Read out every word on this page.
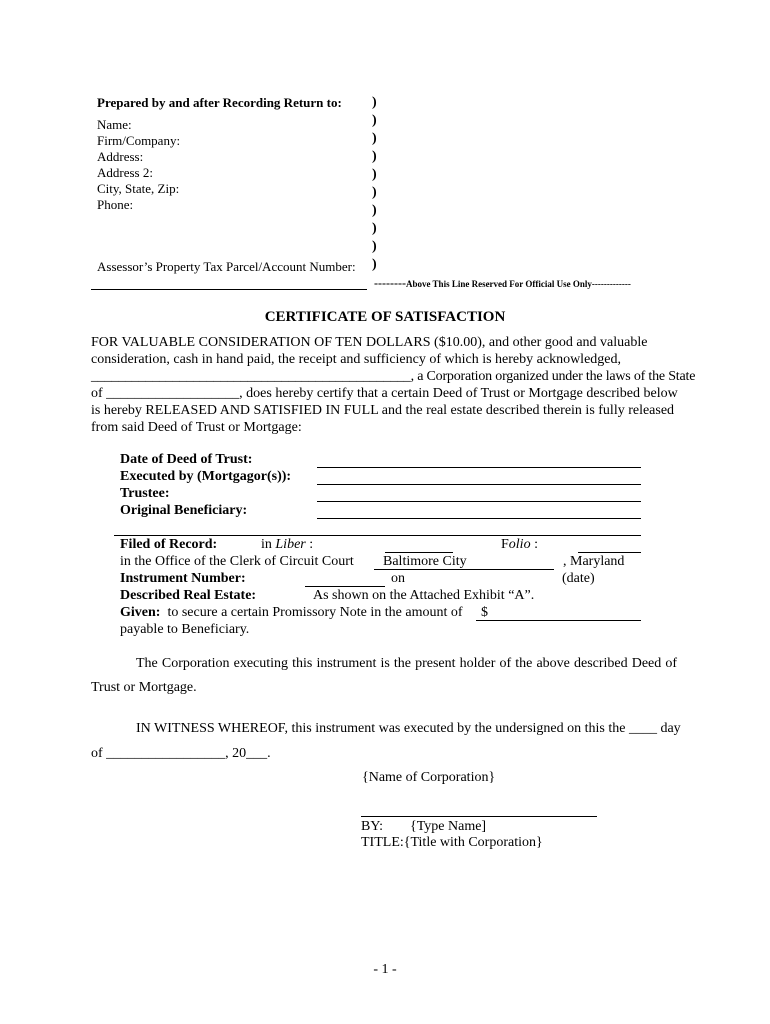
Prepared by and after Recording Return to:
Name:
Firm/Company:
Address:
Address 2:
City, State, Zip:
Phone:
Assessor’s Property Tax Parcel/Account Number:
)
)
)
)
)
)
)
)
)
)
--------Above This Line Reserved For Official Use Only-------------
CERTIFICATE OF SATISFACTION
FOR VALUABLE CONSIDERATION OF TEN DOLLARS ($10.00), and other good and valuable
consideration, cash in hand paid, the receipt and sufficiency of which is hereby acknowledged,
_______________________________________________, a Corporation organized under the laws of the State
of ___________________, does hereby certify that a certain Deed of Trust or Mortgage described below
is hereby RELEASED AND SATISFIED IN FULL and the real estate described therein is fully released
from said Deed of Trust or Mortgage:
Date of Deed of Trust:
Executed by (Mortgagor(s)):
Trustee:
Original Beneficiary:
Filed of Record:	in Liber :	Folio :
in the Office of the Clerk of Circuit Court Baltimore City	, Maryland
Instrument Number:	on	(date)
Described Real Estate:	As shown on the Attached Exhibit “A”.
Given: to secure a certain Promissory Note in the amount of $
payable to Beneficiary.
The Corporation executing this instrument is the present holder of the above described Deed of
Trust or Mortgage.
IN WITNESS WHEREOF, this instrument was executed by the undersigned on this the ____ day
of _________________, 20___.
{Name of Corporation}
BY: {Type Name]
TITLE:{Title with Corporation}
- 1 -
